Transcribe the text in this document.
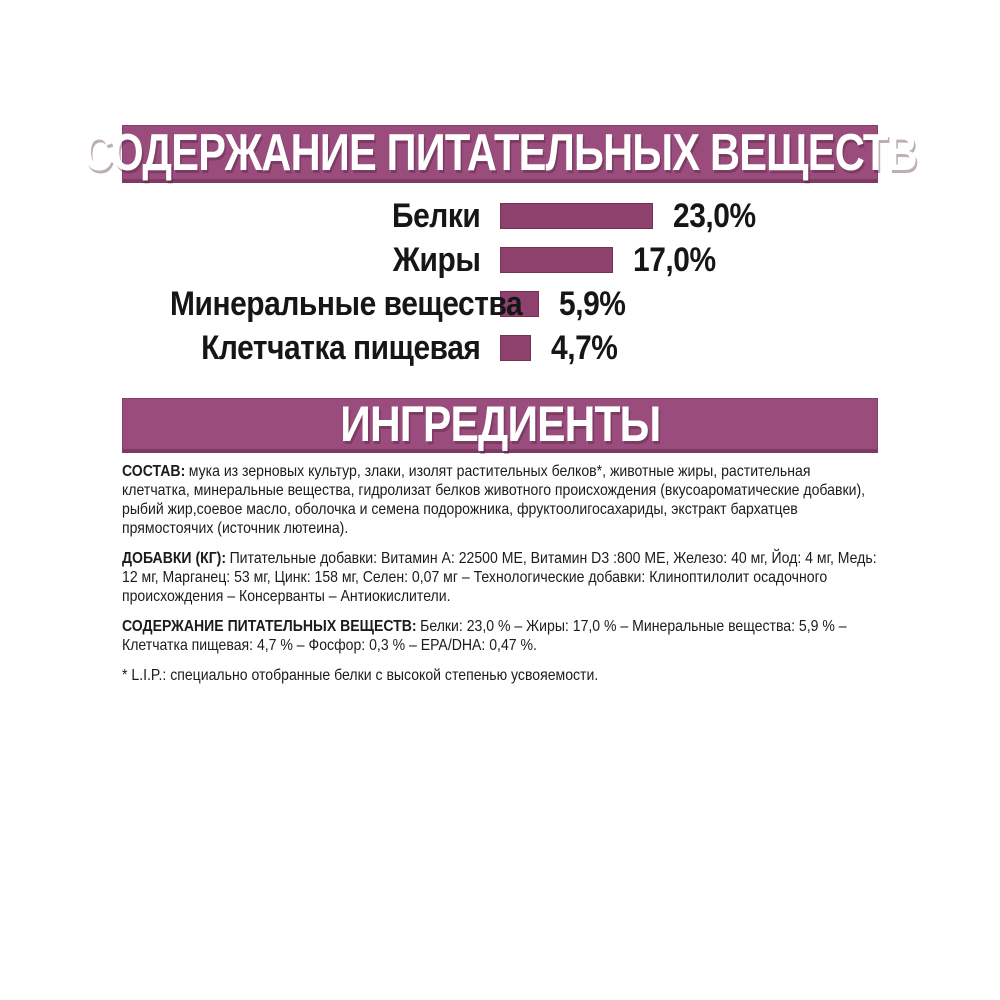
СОДЕРЖАНИЕ ПИТАТЕЛЬНЫХ ВЕЩЕСТВ
Белки	23,0%
Жиры	17,0%
Минеральные вещества 5,9%
Клетчатка пищевая 4,7%
ИНГРЕДИЕНТЫ

СОСТАВ: мука из зерновых культур, злаки, изолят растительных белков*, животные жиры, растительная клетчатка, минеральные вещества, гидролизат белков животного происхождения (вкусоароматические добавки), рыбий жир,соевое масло, оболочка и семена подорожника, фруктоолигосахариды, экстракт бархатцев прямостоячих (источник лютеина).

ДОБАВКИ (КГ): Питательные добавки: Витамин A: 22500 МЕ, Витамин D3 :800 МЕ, Железо: 40 мг, Йод: 4 мг, Медь: 12 мг, Марганец: 53 мг, Цинк: 158 мг, Селен: 0,07 мг – Технологические добавки: Клиноптилолит осадочного происхождения – Консерванты – Антиокислители.

СОДЕРЖАНИЕ ПИТАТЕЛЬНЫХ ВЕЩЕСТВ: Белки: 23,0 % – Жиры: 17,0 % – Минеральные вещества: 5,9 % – Клетчатка пищевая: 4,7 % – Фосфор: 0,3 % – EPA/DHA: 0,47 %.

* L.I.P.: специально отобранные белки с высокой степенью усвояемости.
